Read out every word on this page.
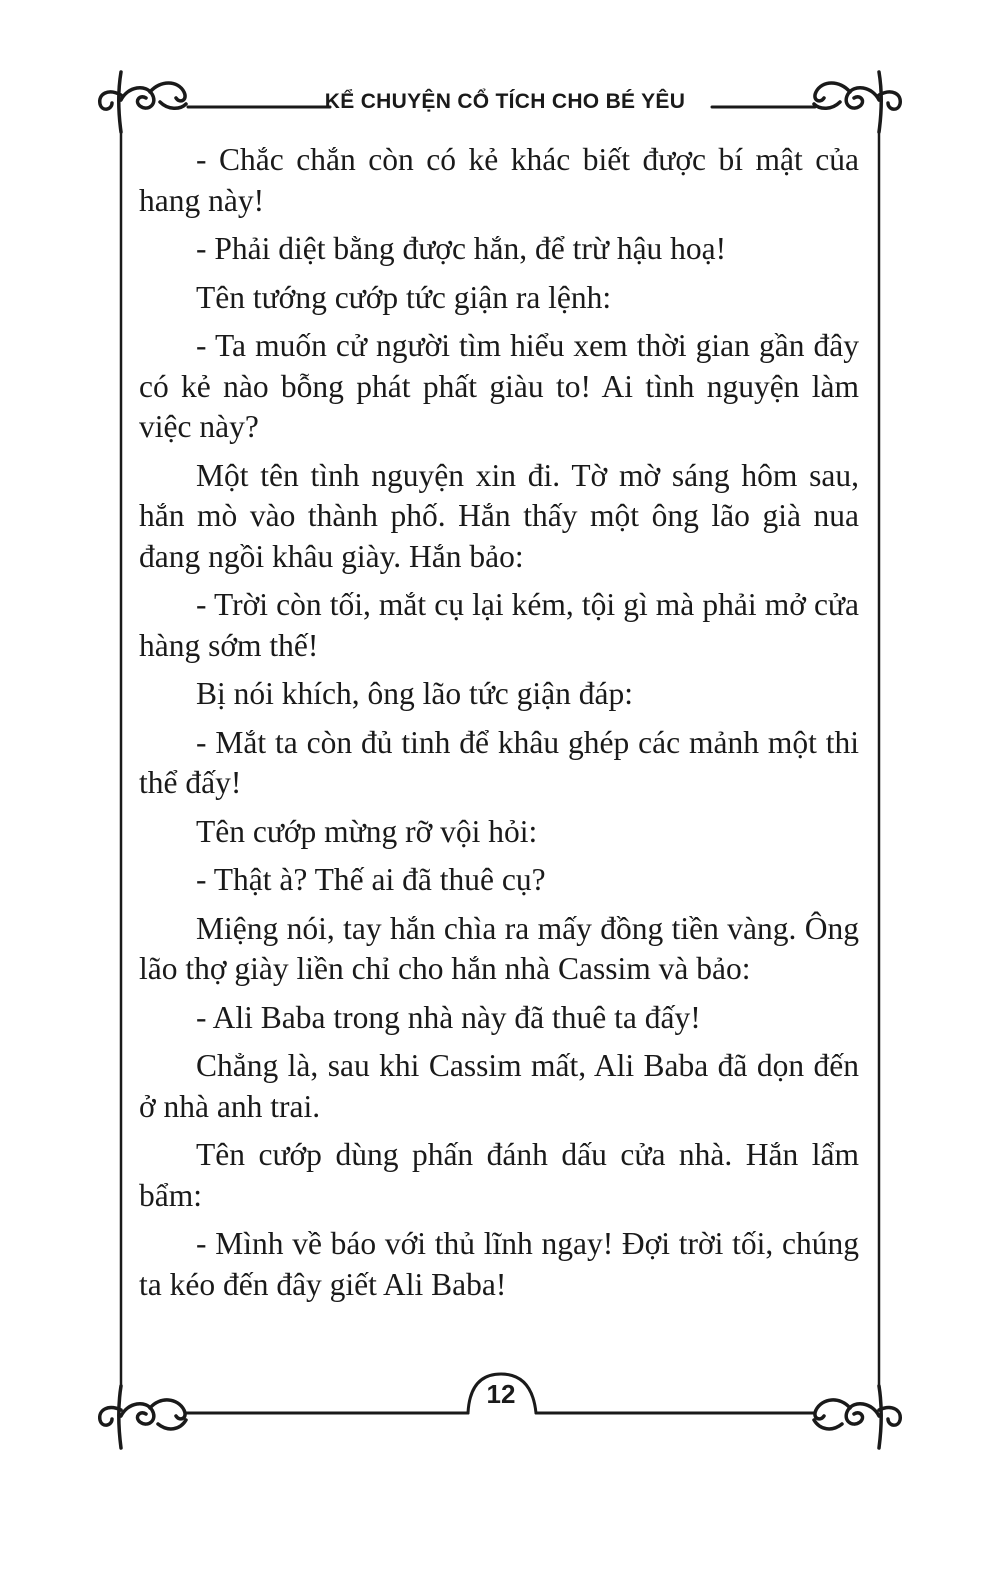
KỂ CHUYỆN CỔ TÍCH CHO BÉ YÊU

- Chắc chắn còn có kẻ khác biết được bí mật của hang này!

- Phải diệt bằng được hắn, để trừ hậu hoạ!

Tên tướng cướp tức giận ra lệnh:

- Ta muốn cử người tìm hiểu xem thời gian gần đây có kẻ nào bỗng phát phất giàu to! Ai tình nguyện làm việc này?

Một tên tình nguyện xin đi. Tờ mờ sáng hôm sau, hắn mò vào thành phố. Hắn thấy một ông lão già nua đang ngồi khâu giày. Hắn bảo:

- Trời còn tối, mắt cụ lại kém, tội gì mà phải mở cửa hàng sớm thế!

Bị nói khích, ông lão tức giận đáp:

- Mắt ta còn đủ tinh để khâu ghép các mảnh một thi thể đấy!

Tên cướp mừng rỡ vội hỏi:

- Thật à? Thế ai đã thuê cụ?

Miệng nói, tay hắn chìa ra mấy đồng tiền vàng. Ông lão thợ giày liền chỉ cho hắn nhà Cassim và bảo:

- Ali Baba trong nhà này đã thuê ta đấy!

Chẳng là, sau khi Cassim mất, Ali Baba đã dọn đến ở nhà anh trai.

Tên cướp dùng phấn đánh dấu cửa nhà. Hắn lẩm bẩm:

- Mình về báo với thủ lĩnh ngay! Đợi trời tối, chúng ta kéo đến đây giết Ali Baba!

12
